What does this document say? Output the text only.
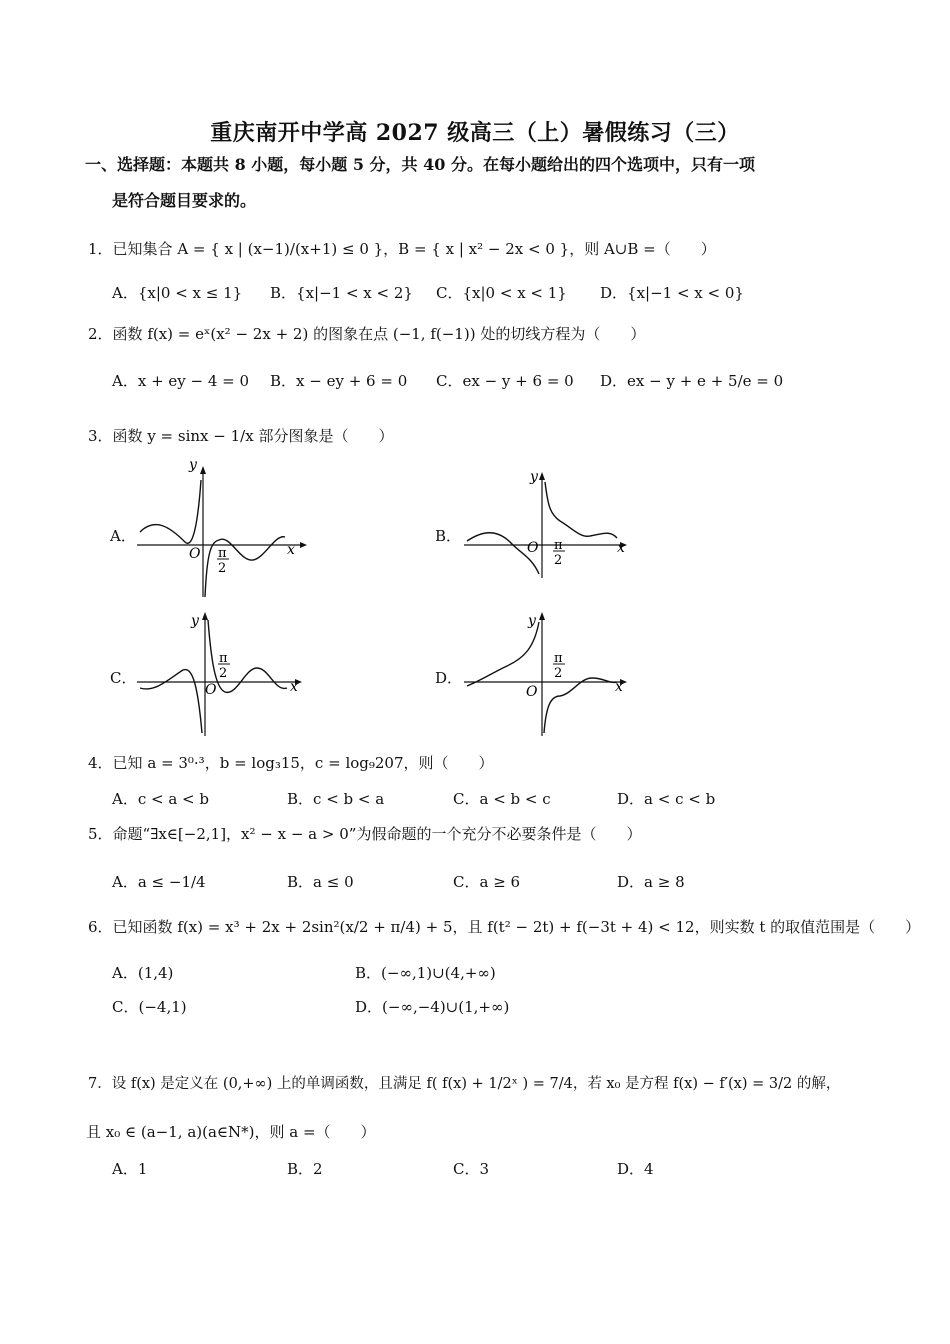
重庆南开中学高 2027 级高三（上）暑假练习（三）
一、选择题：本题共 8 小题，每小题 5 分，共 40 分。在每小题给出的四个选项中，只有一项
是符合题目要求的。
1．已知集合 A = { x | (x−1)/(x+1) ≤ 0 }，B = { x | x² − 2x < 0 }，则 A∪B =（　　）
A．{x|0 < x ≤ 1} B．{x|−1 < x < 2} C．{x|0 < x < 1} D．{x|−1 < x < 0}
2．函数 f(x) = eˣ(x² − 2x + 2) 的图象在点 (−1, f(−1)) 处的切线方程为（　　）
A．x + ey − 4 = 0 B．x − ey + 6 = 0 C．ex − y + 6 = 0 D．ex − y + e + 5/e = 0
3．函数 y = sinx − 1/x 部分图象是（　　）
A．	B．
C．	D．
y
x
O π
2
y
x
O π
2
y
x
O
π
2
y
x
O
π
2
4．已知 a = 3⁰·³，b = log₃15，c = log₉207，则（　　）
A．c < a < b	B．c < b < a	C．a < b < c	D．a < c < b
5．命题“∃x∈[−2,1]，x² − x − a > 0”为假命题的一个充分不必要条件是（　　）
A．a ≤ −1/4	B．a ≤ 0	C．a ≥ 6	D．a ≥ 8
6．已知函数 f(x) = x³ + 2x + 2sin²(x/2 + π/4) + 5，且 f(t² − 2t) + f(−3t + 4) < 12，则实数 t 的取值范围是（　　）
A．(1,4)	B．(−∞,1)∪(4,+∞)
C．(−4,1)	D．(−∞,−4)∪(1,+∞)
7．设 f(x) 是定义在 (0,+∞) 上的单调函数，且满足 f( f(x) + 1/2ˣ ) = 7/4，若 x₀ 是方程 f(x) − f′(x) = 3/2 的解，
且 x₀ ∈ (a−1, a)(a∈N*)，则 a =（　　）
A．1	B．2	C．3	D．4
